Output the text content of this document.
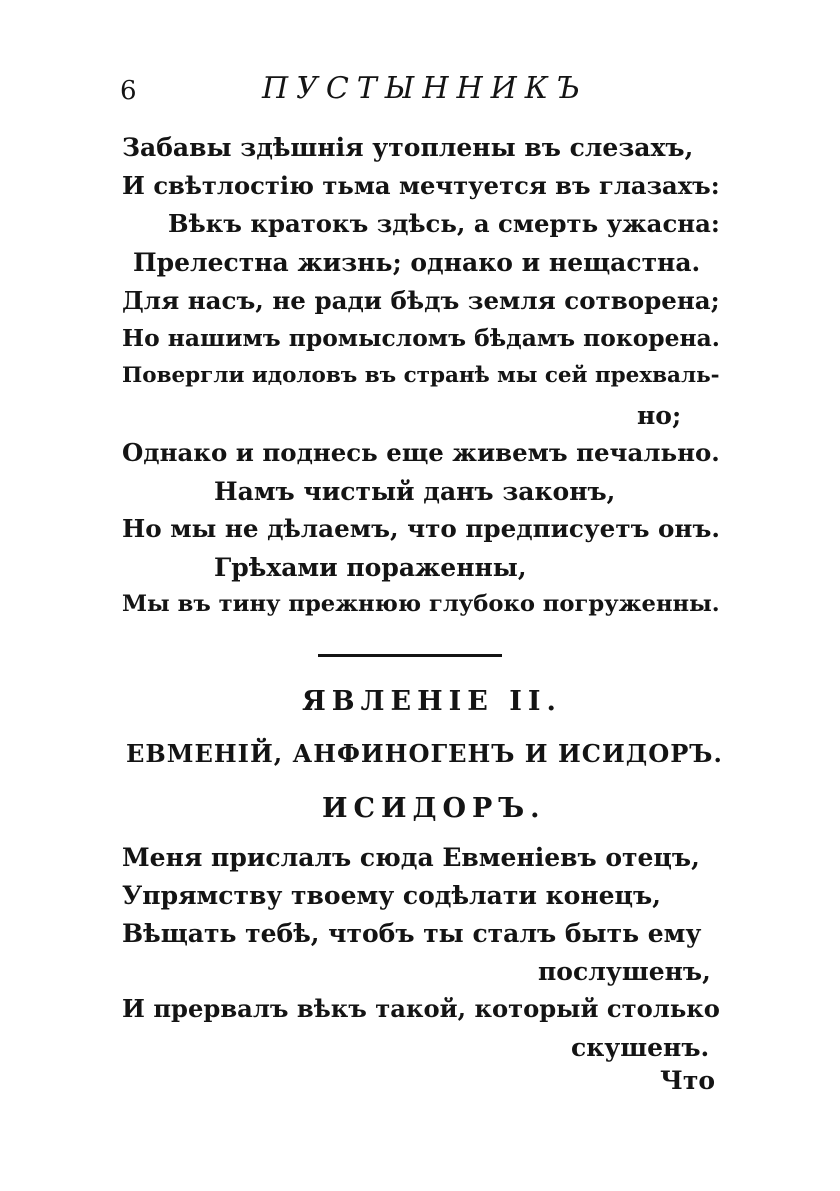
6	ПУСТЫННИКЪ
Забавы здѣшнія утоплены въ слезахъ,
И свѣтлостію тьма мечтуется въ глазахъ:
Вѣкъ кратокъ здѣсь, а смерть ужасна:
Прелестна жизнь; однако и нещастна.
Для насъ, не ради бѣдъ земля сотворена;
Но нашимъ промысломъ бѣдамъ покорена.
Повергли идоловъ въ странѣ мы сей прехваль-
но;
Однако и поднесь еще живемъ печально.
Намъ чистый данъ законъ,
Но мы не дѣлаемъ, что предписуетъ онъ.
Грѣхами пораженны,
Мы въ тину прежнюю глубоко погруженны.
ЯВЛЕНІЕ II.
ЕВМЕНІЙ, АНФИНОГЕНЪ И ИСИДОРЪ.
ИСИДОРЪ.
Меня прислалъ сюда Евменіевъ отецъ,
Упрямству твоему содѣлати конецъ,
Вѣщать тебѣ, чтобъ ты сталъ быть ему
послушенъ,
И прервалъ вѣкъ такой, который столько
скушенъ.
Что
